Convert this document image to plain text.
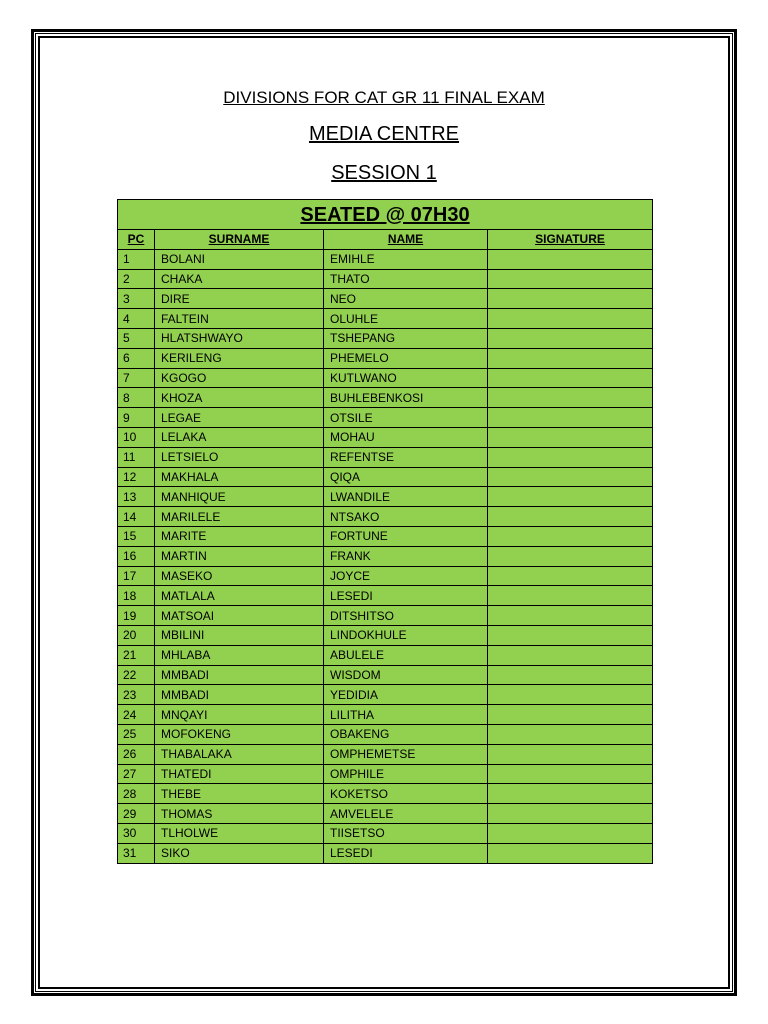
DIVISIONS FOR CAT GR 11 FINAL EXAM
MEDIA CENTRE
SESSION 1
SEATED @ 07H30			
PC	SURNAME	NAME	SIGNATURE
1	BOLANI	EMIHLE	
2	CHAKA	THATO	
3	DIRE	NEO	
4	FALTEIN	OLUHLE	
5	HLATSHWAYO	TSHEPANG	
6	KERILENG	PHEMELO	
7	KGOGO	KUTLWANO	
8	KHOZA	BUHLEBENKOSI	
9	LEGAE	OTSILE	
10	LELAKA	MOHAU	
11	LETSIELO	REFENTSE	
12	MAKHALA	QIQA	
13	MANHIQUE	LWANDILE	
14	MARILELE	NTSAKO	
15	MARITE	FORTUNE	
16	MARTIN	FRANK	
17	MASEKO	JOYCE	
18	MATLALA	LESEDI	
19	MATSOAI	DITSHITSO	
20	MBILINI	LINDOKHULE	
21	MHLABA	ABULELE	
22	MMBADI	WISDOM	
23	MMBADI	YEDIDIA	
24	MNQAYI	LILITHA	
25	MOFOKENG	OBAKENG	
26	THABALAKA	OMPHEMETSE	
27	THATEDI	OMPHILE	
28	THEBE	KOKETSO	
29	THOMAS	AMVELELE	
30	TLHOLWE	TIISETSO	
31	SIKO	LESEDI	
